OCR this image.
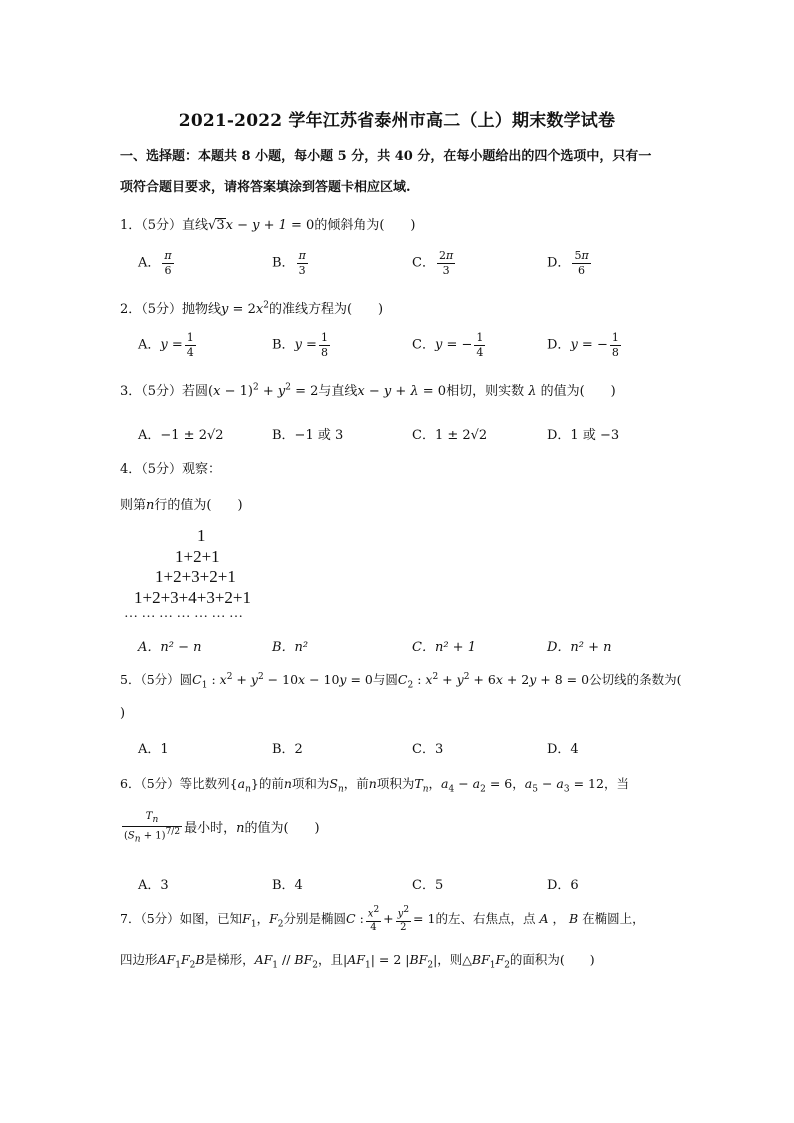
2021-2022 学年江苏省泰州市高二（上）期末数学试卷
一、选择题：本题共 8 小题，每小题 5 分，共 40 分，在每小题给出的四个选项中，只有一
项符合题目要求，请将答案填涂到答题卡相应区域.
1．（5分）直线√3x − y + 1 = 0的倾斜角为(　　)
A． $\frac{\pi}{6}$	B． $\frac{\pi}{3}$	C． $\frac{2\pi}{3}$	D． $\frac{5\pi}{6}$
2．（5分）抛物线$y = 2x^2$的准线方程为(　　)
A．$y = \frac{1}{4}$	B．$y = \frac{1}{8}$	C．y = − $\frac{1}{4}$	D．y = − $\frac{1}{8}$
3．（5分）若圆$(x - 1)^2 + y^2 = 2$与直线x − y + λ = 0相切，则实数 λ 的值为(　　)
A．−1 ± 2√2	B．−1 或 3	C．1 ± 2√2	D．1 或 −3
4．（5分）观察：
则第n行的值为(　　)
1
1+2+1
1+2+3+2+1
1+2+3+4+3+2+1
… … … … … … …
A．n² − n	B．n²	C．n² + 1	D．n² + n
5．（5分）圆$C_1$ : $x^2 + y^2 - 10x - 10y = 0$与圆$C_2$ : $x^2 + y^2 + 6x + 2y + 8 = 0$公切线的条数为(
)
A．1	B．2	C．3	D．4
6．（5分）等比数列$\{a_n\}$的前n项和为$S_n$，前n项积为$T_n$，$a_4 - a_2 = 6$，$a_5 - a_3 = 12$，当
$\frac{T_n}{(S_n + 1)^{7/2}}$ 最小时，n的值为(　　)
A．3	B．4	C．5	D．6
7．（5分）如图，已知$F_1$，$F_2$分别是椭圆C : $\frac{x^2}{4} + \frac{y^2}{2} = 1$的左、右焦点，点 A ， B 在椭圆上，
四边形$AF_1F_2B$是梯形，$AF_1 // BF_2$，且$|AF_1| = 2$ $|BF_2|$，则$\triangle BF_1F_2$的面积为(　　)
